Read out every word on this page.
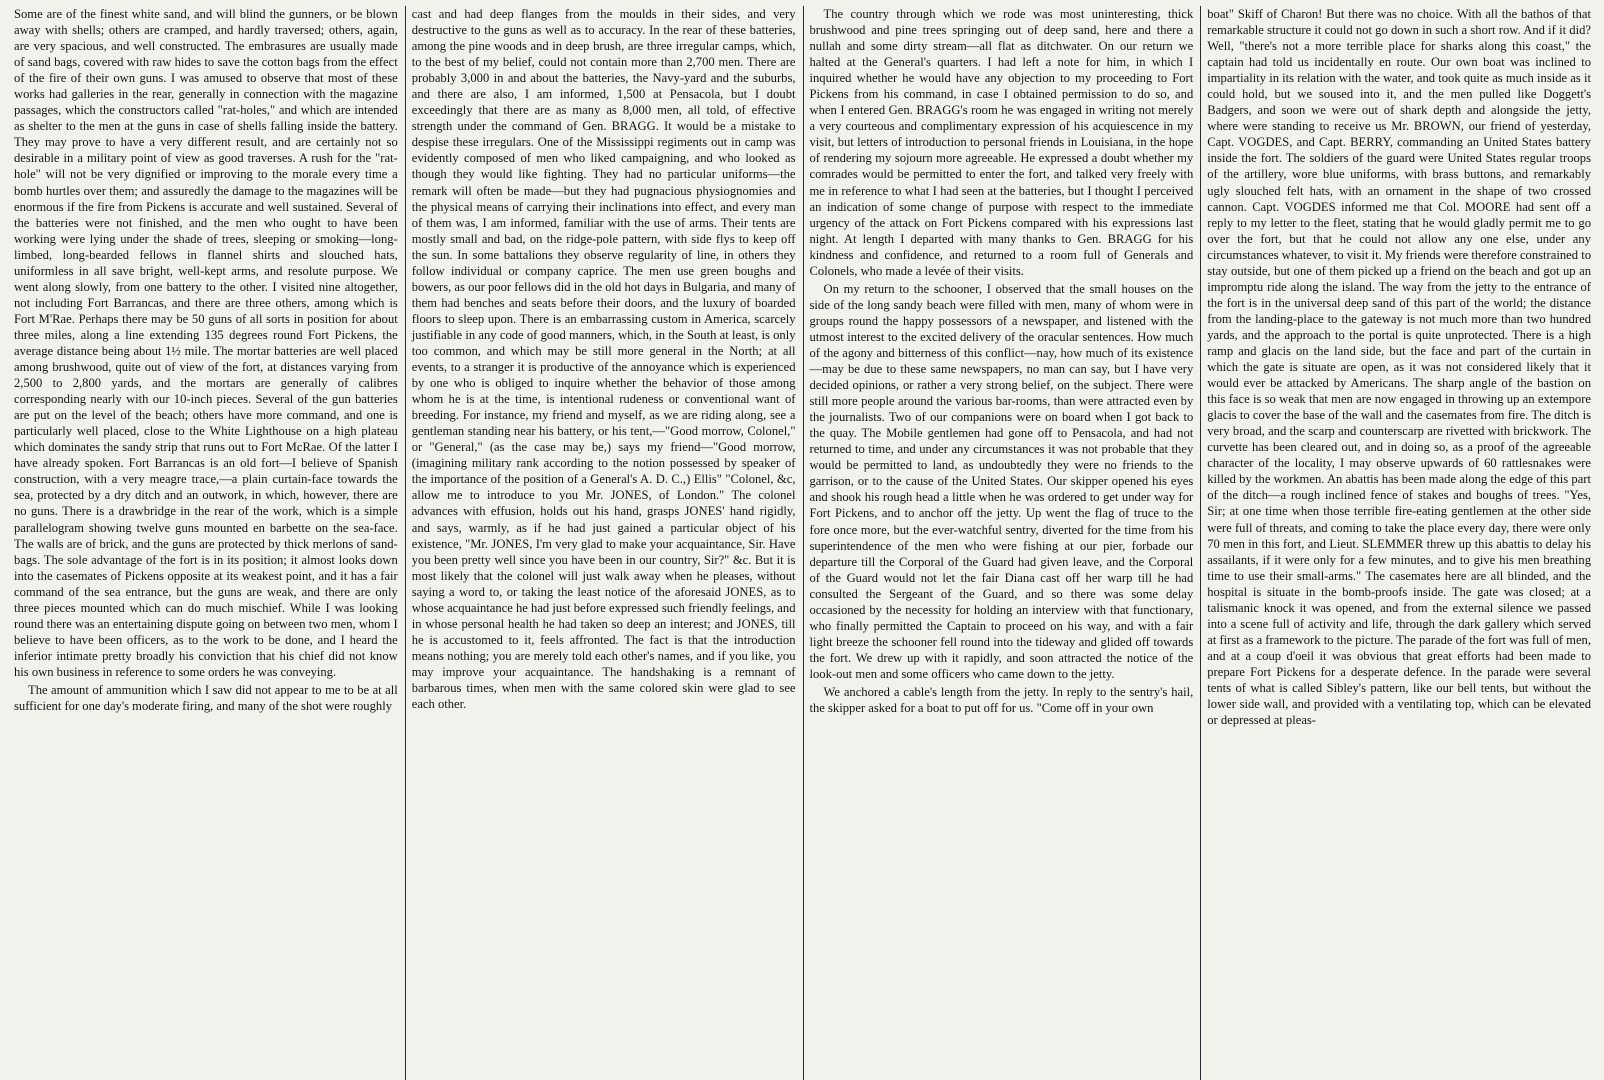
Some are of the finest white sand, and will blind the gunners, or be blown away with shells; others are cramped, and hardly traversed; others, again, are very spacious, and well constructed. The embrasures are usually made of sand bags, covered with raw hides to save the cotton bags from the effect of the fire of their own guns. I was amused to observe that most of these works had galleries in the rear, generally in connection with the magazine passages, which the constructors called "rat-holes," and which are intended as shelter to the men at the guns in case of shells falling inside the battery. They may prove to have a very different result, and are certainly not so desirable in a military point of view as good traverses. A rush for the "rat-hole" will not be very dignified or improving to the morale every time a bomb hurtles over them; and assuredly the damage to the magazines will be enormous if the fire from Pickens is accurate and well sustained. Several of the batteries were not finished, and the men who ought to have been working were lying under the shade of trees, sleeping or smoking—long-limbed, long-bearded fellows in flannel shirts and slouched hats, uniformless in all save bright, well-kept arms, and resolute purpose. We went along slowly, from one battery to the other. I visited nine altogether, not including Fort Barrancas, and there are three others, among which is Fort M'Rae. Perhaps there may be 50 guns of all sorts in position for about three miles, along a line extending 135 degrees round Fort Pickens, the average distance being about 1½ mile. The mortar batteries are well placed among brushwood, quite out of view of the fort, at distances varying from 2,500 to 2,800 yards, and the mortars are generally of calibres corresponding nearly with our 10-inch pieces. Several of the gun batteries are put on the level of the beach; others have more command, and one is particularly well placed, close to the White Lighthouse on a high plateau which dominates the sandy strip that runs out to Fort McRae. Of the latter I have already spoken. Fort Barrancas is an old fort—I believe of Spanish construction, with a very meagre trace,—a plain curtain-face towards the sea, protected by a dry ditch and an outwork, in which, however, there are no guns. There is a drawbridge in the rear of the work, which is a simple parallelogram showing twelve guns mounted en barbette on the sea-face. The walls are of brick, and the guns are protected by thick merlons of sand-bags. The sole advantage of the fort is in its position; it almost looks down into the casemates of Pickens opposite at its weakest point, and it has a fair command of the sea entrance, but the guns are weak, and there are only three pieces mounted which can do much mischief. While I was looking round there was an entertaining dispute going on between two men, whom I believe to have been officers, as to the work to be done, and I heard the inferior intimate pretty broadly his conviction that his chief did not know his own business in reference to some orders he was conveying.

The amount of ammunition which I saw did not appear to me to be at all sufficient for one day's moderate firing, and many of the shot were roughly

cast and had deep flanges from the moulds in their sides, and very destructive to the guns as well as to accuracy. In the rear of these batteries, among the pine woods and in deep brush, are three irregular camps, which, to the best of my belief, could not contain more than 2,700 men. There are probably 3,000 in and about the batteries, the Navy-yard and the suburbs, and there are also, I am informed, 1,500 at Pensacola, but I doubt exceedingly that there are as many as 8,000 men, all told, of effective strength under the command of Gen. BRAGG. It would be a mistake to despise these irregulars. One of the Mississippi regiments out in camp was evidently composed of men who liked campaigning, and who looked as though they would like fighting. They had no particular uniforms—the remark will often be made—but they had pugnacious physiognomies and the physical means of carrying their inclinations into effect, and every man of them was, I am informed, familiar with the use of arms. Their tents are mostly small and bad, on the ridge-pole pattern, with side flys to keep off the sun. In some battalions they observe regularity of line, in others they follow individual or company caprice. The men use green boughs and bowers, as our poor fellows did in the old hot days in Bulgaria, and many of them had benches and seats before their doors, and the luxury of boarded floors to sleep upon. There is an embarrassing custom in America, scarcely justifiable in any code of good manners, which, in the South at least, is only too common, and which may be still more general in the North; at all events, to a stranger it is productive of the annoyance which is experienced by one who is obliged to inquire whether the behavior of those among whom he is at the time, is intentional rudeness or conventional want of breeding. For instance, my friend and myself, as we are riding along, see a gentleman standing near his battery, or his tent,—"Good morrow, Colonel," or "General," (as the case may be,) says my friend—"Good morrow, (imagining military rank according to the notion possessed by speaker of the importance of the position of a General's A. D. C.,) Ellis" "Colonel, &c, allow me to introduce to you Mr. JONES, of London." The colonel advances with effusion, holds out his hand, grasps JONES' hand rigidly, and says, warmly, as if he had just gained a particular object of his existence, "Mr. JONES, I'm very glad to make your acquaintance, Sir. Have you been pretty well since you have been in our country, Sir?" &c. But it is most likely that the colonel will just walk away when he pleases, without saying a word to, or taking the least notice of the aforesaid JONES, as to whose acquaintance he had just before expressed such friendly feelings, and in whose personal health he had taken so deep an interest; and JONES, till he is accustomed to it, feels affronted. The fact is that the introduction means nothing; you are merely told each other's names, and if you like, you may improve your acquaintance. The handshaking is a remnant of barbarous times, when men with the same colored skin were glad to see each other.

The country through which we rode was most uninteresting, thick brushwood and pine trees springing out of deep sand, here and there a nullah and some dirty stream—all flat as ditchwater. On our return we halted at the General's quarters. I had left a note for him, in which I inquired whether he would have any objection to my proceeding to Fort Pickens from his command, in case I obtained permission to do so, and when I entered Gen. BRAGG's room he was engaged in writing not merely a very courteous and complimentary expression of his acquiescence in my visit, but letters of introduction to personal friends in Louisiana, in the hope of rendering my sojourn more agreeable. He expressed a doubt whether my comrades would be permitted to enter the fort, and talked very freely with me in reference to what I had seen at the batteries, but I thought I perceived an indication of some change of purpose with respect to the immediate urgency of the attack on Fort Pickens compared with his expressions last night. At length I departed with many thanks to Gen. BRAGG for his kindness and confidence, and returned to a room full of Generals and Colonels, who made a levée of their visits.

On my return to the schooner, I observed that the small houses on the side of the long sandy beach were filled with men, many of whom were in groups round the happy possessors of a newspaper, and listened with the utmost interest to the excited delivery of the oracular sentences. How much of the agony and bitterness of this conflict—nay, how much of its existence—may be due to these same newspapers, no man can say, but I have very decided opinions, or rather a very strong belief, on the subject. There were still more people around the various bar-rooms, than were attracted even by the journalists. Two of our companions were on board when I got back to the quay. The Mobile gentlemen had gone off to Pensacola, and had not returned to time, and under any circumstances it was not probable that they would be permitted to land, as undoubtedly they were no friends to the garrison, or to the cause of the United States. Our skipper opened his eyes and shook his rough head a little when he was ordered to get under way for Fort Pickens, and to anchor off the jetty. Up went the flag of truce to the fore once more, but the ever-watchful sentry, diverted for the time from his superintendence of the men who were fishing at our pier, forbade our departure till the Corporal of the Guard had given leave, and the Corporal of the Guard would not let the fair Diana cast off her warp till he had consulted the Sergeant of the Guard, and so there was some delay occasioned by the necessity for holding an interview with that functionary, who finally permitted the Captain to proceed on his way, and with a fair light breeze the schooner fell round into the tideway and glided off towards the fort. We drew up with it rapidly, and soon attracted the notice of the look-out men and some officers who came down to the jetty.

We anchored a cable's length from the jetty. In reply to the sentry's hail, the skipper asked for a boat to put off for us. "Come off in your own

boat" Skiff of Charon! But there was no choice. With all the bathos of that remarkable structure it could not go down in such a short row. And if it did? Well, "there's not a more terrible place for sharks along this coast," the captain had told us incidentally en route. Our own boat was inclined to impartiality in its relation with the water, and took quite as much inside as it could hold, but we soused into it, and the men pulled like Doggett's Badgers, and soon we were out of shark depth and alongside the jetty, where were standing to receive us Mr. BROWN, our friend of yesterday, Capt. VOGDES, and Capt. BERRY, commanding an United States battery inside the fort. The soldiers of the guard were United States regular troops of the artillery, wore blue uniforms, with brass buttons, and remarkably ugly slouched felt hats, with an ornament in the shape of two crossed cannon. Capt. VOGDES informed me that Col. MOORE had sent off a reply to my letter to the fleet, stating that he would gladly permit me to go over the fort, but that he could not allow any one else, under any circumstances whatever, to visit it. My friends were therefore constrained to stay outside, but one of them picked up a friend on the beach and got up an impromptu ride along the island. The way from the jetty to the entrance of the fort is in the universal deep sand of this part of the world; the distance from the landing-place to the gateway is not much more than two hundred yards, and the approach to the portal is quite unprotected. There is a high ramp and glacis on the land side, but the face and part of the curtain in which the gate is situate are open, as it was not considered likely that it would ever be attacked by Americans. The sharp angle of the bastion on this face is so weak that men are now engaged in throwing up an extempore glacis to cover the base of the wall and the casemates from fire. The ditch is very broad, and the scarp and counterscarp are rivetted with brickwork. The curvette has been cleared out, and in doing so, as a proof of the agreeable character of the locality, I may observe upwards of 60 rattlesnakes were killed by the workmen. An abattis has been made along the edge of this part of the ditch—a rough inclined fence of stakes and boughs of trees. "Yes, Sir; at one time when those terrible fire-eating gentlemen at the other side were full of threats, and coming to take the place every day, there were only 70 men in this fort, and Lieut. SLEMMER threw up this abattis to delay his assailants, if it were only for a few minutes, and to give his men breathing time to use their small-arms." The casemates here are all blinded, and the hospital is situate in the bomb-proofs inside. The gate was closed; at a talismanic knock it was opened, and from the external silence we passed into a scene full of activity and life, through the dark gallery which served at first as a framework to the picture. The parade of the fort was full of men, and at a coup d'oeil it was obvious that great efforts had been made to prepare Fort Pickens for a desperate defence. In the parade were several tents of what is called Sibley's pattern, like our bell tents, but without the lower side wall, and provided with a ventilating top, which can be elevated or depressed at pleas-
